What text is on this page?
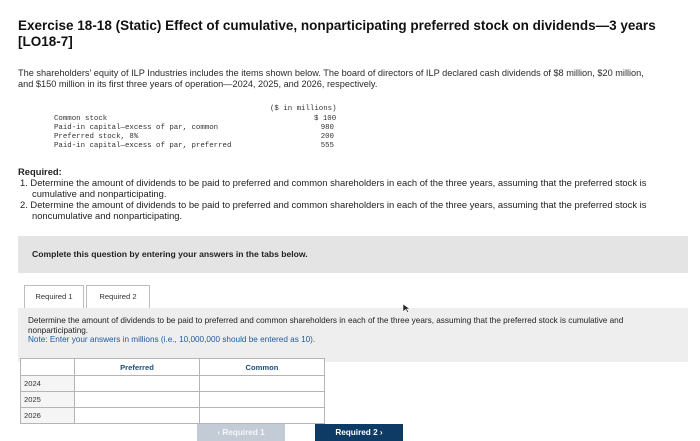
Exercise 18-18 (Static) Effect of cumulative, nonparticipating preferred stock on dividends—3 years [LO18-7]
The shareholders' equity of ILP Industries includes the items shown below. The board of directors of ILP declared cash dividends of $8 million, $20 million, and $150 million in its first three years of operation—2024, 2025, and 2026, respectively.
($ in millions)
Common stock	$ 100
Paid-in capital—excess of par, common	980
Preferred stock, 8%	200
Paid-in capital—excess of par, preferred	555
Required:
1. Determine the amount of dividends to be paid to preferred and common shareholders in each of the three years, assuming that the preferred stock is cumulative and nonparticipating.
2. Determine the amount of dividends to be paid to preferred and common shareholders in each of the three years, assuming that the preferred stock is noncumulative and nonparticipating.
Complete this question by entering your answers in the tabs below.
Required 1	Required 2
Determine the amount of dividends to be paid to preferred and common shareholders in each of the three years, assuming that the preferred stock is cumulative and nonparticipating.
Note: Enter your answers in millions (i.e., 10,000,000 should be entered as 10).
	Preferred	Common
2024		
2025		
2026		
‹ Required 1	Required 2 ›
